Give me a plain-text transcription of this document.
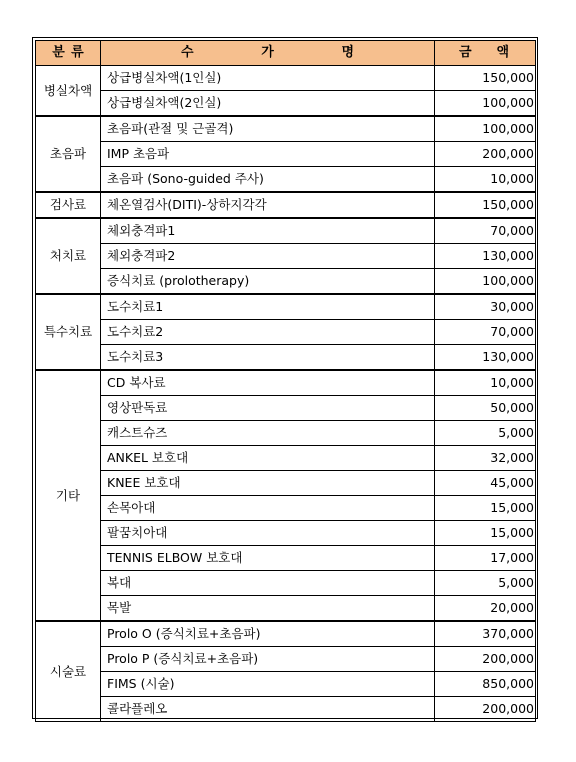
분 류	수 가 명	금 액

병실차액	상급병실차액(1인실)	150,000
	상급병실차액(2인실)	100,000
초음파	초음파(관절 및 근골격)	100,000
	IMP 초음파	200,000
	초음파 (Sono-guided 주사)	10,000
검사료	체온열검사(DITI)-상하지각각	150,000
처치료	체외충격파1	70,000
	체외충격파2	130,000
	증식치료 (prolotherapy)	100,000
특수치료	도수치료1	30,000
	도수치료2	70,000
	도수치료3	130,000
기타	CD 복사료	10,000
	영상판독료	50,000
	캐스트슈즈	5,000
	ANKEL 보호대	32,000
	KNEE 보호대	45,000
	손목아대	15,000
	팔꿈치아대	15,000
	TENNIS ELBOW 보호대	17,000
	복대	5,000
	목발	20,000
시술료	Prolo O (증식치료+초음파)	370,000
	Prolo P (증식치료+초음파)	200,000
	FIMS (시술)	850,000
	콜라플레오	200,000
